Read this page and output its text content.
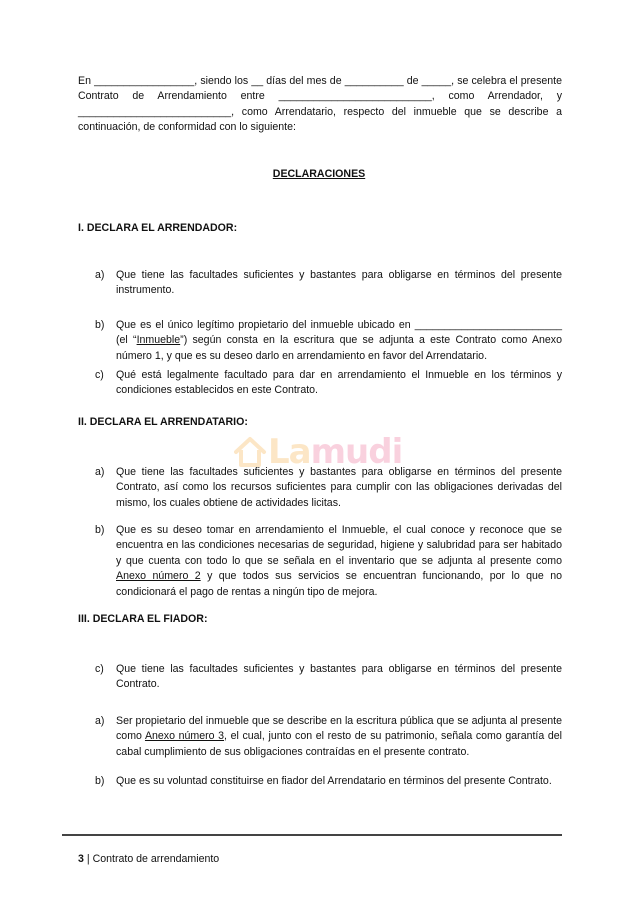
En _________________, siendo los __ días del mes de __________ de _____, se celebra el presente Contrato de Arrendamiento entre __________________________, como Arrendador, y __________________________, como Arrendatario, respecto del inmueble que se describe a continuación, de conformidad con lo siguiente:

DECLARACIONES
I. DECLARA EL ARRENDADOR:
a)	Que tiene las facultades suficientes y bastantes para obligarse en términos del presente instrumento.
b)	Que es el único legítimo propietario del inmueble ubicado en _________________________ (el “Inmueble”) según consta en la escritura que se adjunta a este Contrato como Anexo número 1, y que es su deseo darlo en arrendamiento en favor del Arrendatario.
c)	Qué está legalmente facultado para dar en arrendamiento el Inmueble en los términos y condiciones establecidos en este Contrato.
II. DECLARA EL ARRENDATARIO:
La mudi
a)	Que tiene las facultades suficientes y bastantes para obligarse en términos del presente Contrato, así como los recursos suficientes para cumplir con las obligaciones derivadas del mismo, los cuales obtiene de actividades licitas.
b)	Que es su deseo tomar en arrendamiento el Inmueble, el cual conoce y reconoce que se encuentra en las condiciones necesarias de seguridad, higiene y salubridad para ser habitado y que cuenta con todo lo que se señala en el inventario que se adjunta al presente como Anexo número 2 y que todos sus servicios se encuentran funcionando, por lo que no condicionará el pago de rentas a ningún tipo de mejora.
III. DECLARA EL FIADOR:
c)	Que tiene las facultades suficientes y bastantes para obligarse en términos del presente Contrato.
a)	Ser propietario del inmueble que se describe en la escritura pública que se adjunta al presente como Anexo número 3, el cual, junto con el resto de su patrimonio, señala como garantía del cabal cumplimiento de sus obligaciones contraídas en el presente contrato.
b)	Que es su voluntad constituirse en fiador del Arrendatario en términos del presente Contrato.
3 | Contrato de arrendamiento
